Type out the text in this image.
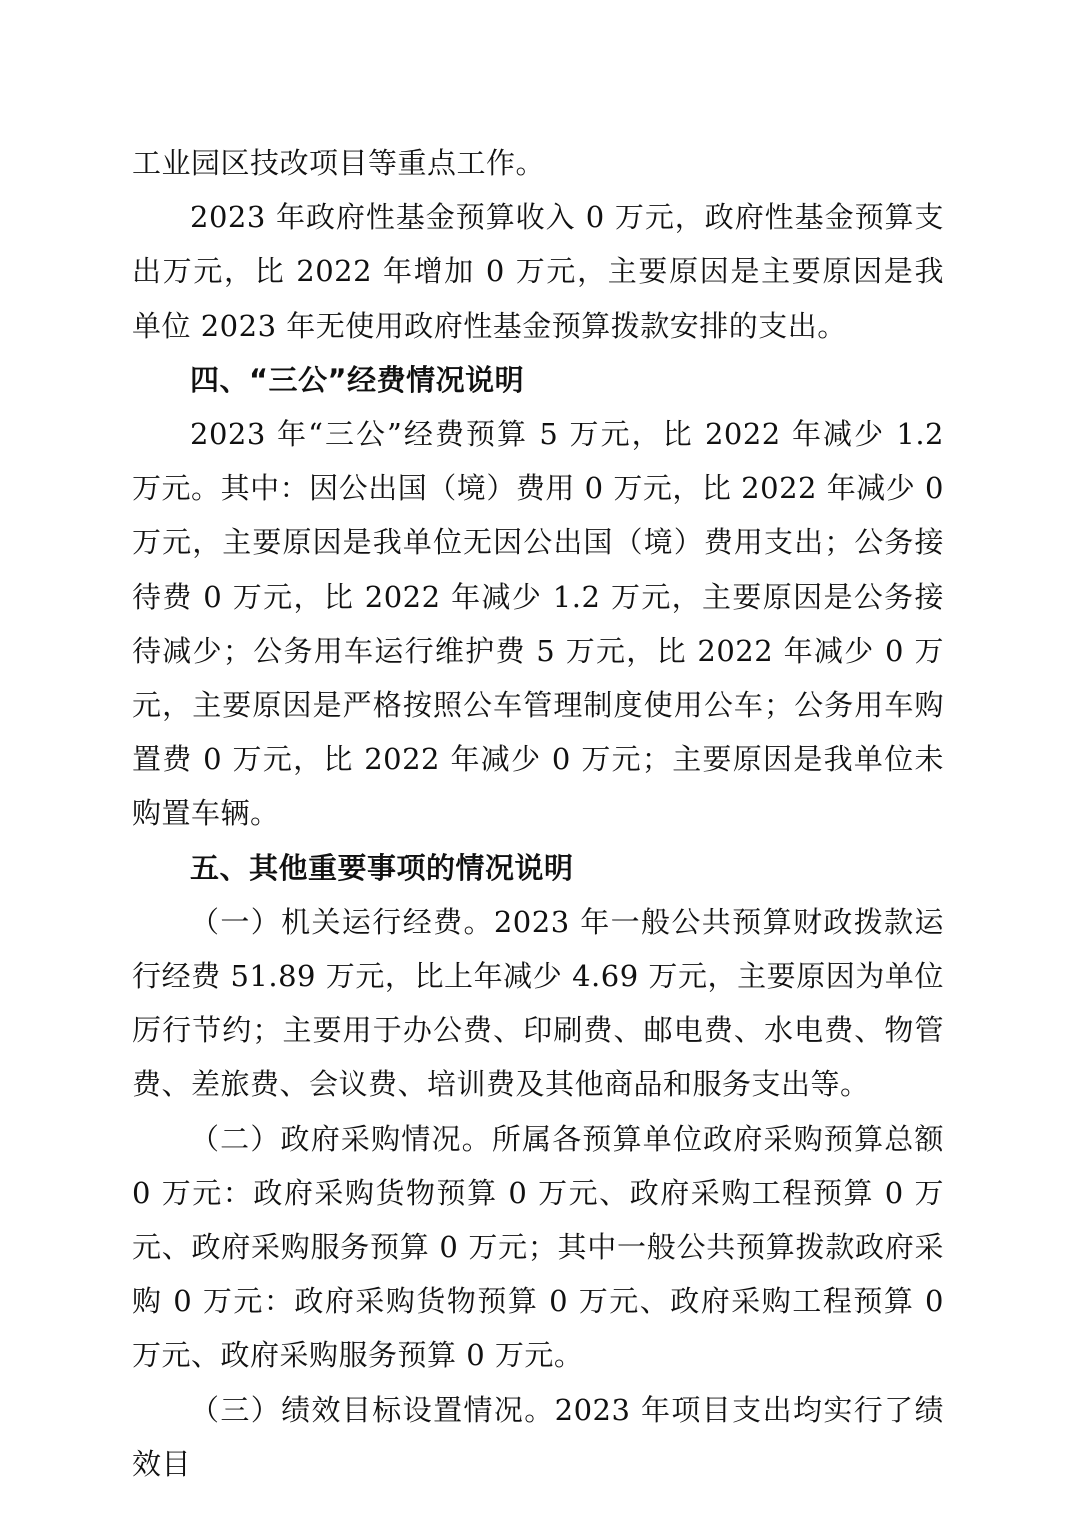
工业园区技改项目等重点工作。

2023 年政府性基金预算收入 0 万元，政府性基金预算支出万元，比 2022 年增加 0 万元，主要原因是主要原因是我单位 2023 年无使用政府性基金预算拨款安排的支出。

四、“三公”经费情况说明

2023 年“三公”经费预算 5 万元，比 2022 年减少 1.2 万元。其中：因公出国（境）费用 0 万元，比 2022 年减少 0 万元，主要原因是我单位无因公出国（境）费用支出；公务接待费 0 万元，比 2022 年减少 1.2 万元，主要原因是公务接待减少；公务用车运行维护费 5 万元，比 2022 年减少 0 万元，主要原因是严格按照公车管理制度使用公车；公务用车购置费 0 万元，比 2022 年减少 0 万元；主要原因是我单位未购置车辆。

五、其他重要事项的情况说明

（一）机关运行经费。2023 年一般公共预算财政拨款运行经费 51.89 万元，比上年减少 4.69 万元，主要原因为单位厉行节约；主要用于办公费、印刷费、邮电费、水电费、物管费、差旅费、会议费、培训费及其他商品和服务支出等。

（二）政府采购情况。所属各预算单位政府采购预算总额 0 万元：政府采购货物预算 0 万元、政府采购工程预算 0 万元、政府采购服务预算 0 万元；其中一般公共预算拨款政府采购 0 万元：政府采购货物预算 0 万元、政府采购工程预算 0 万元、政府采购服务预算 0 万元。

（三）绩效目标设置情况。2023 年项目支出均实行了绩效目
